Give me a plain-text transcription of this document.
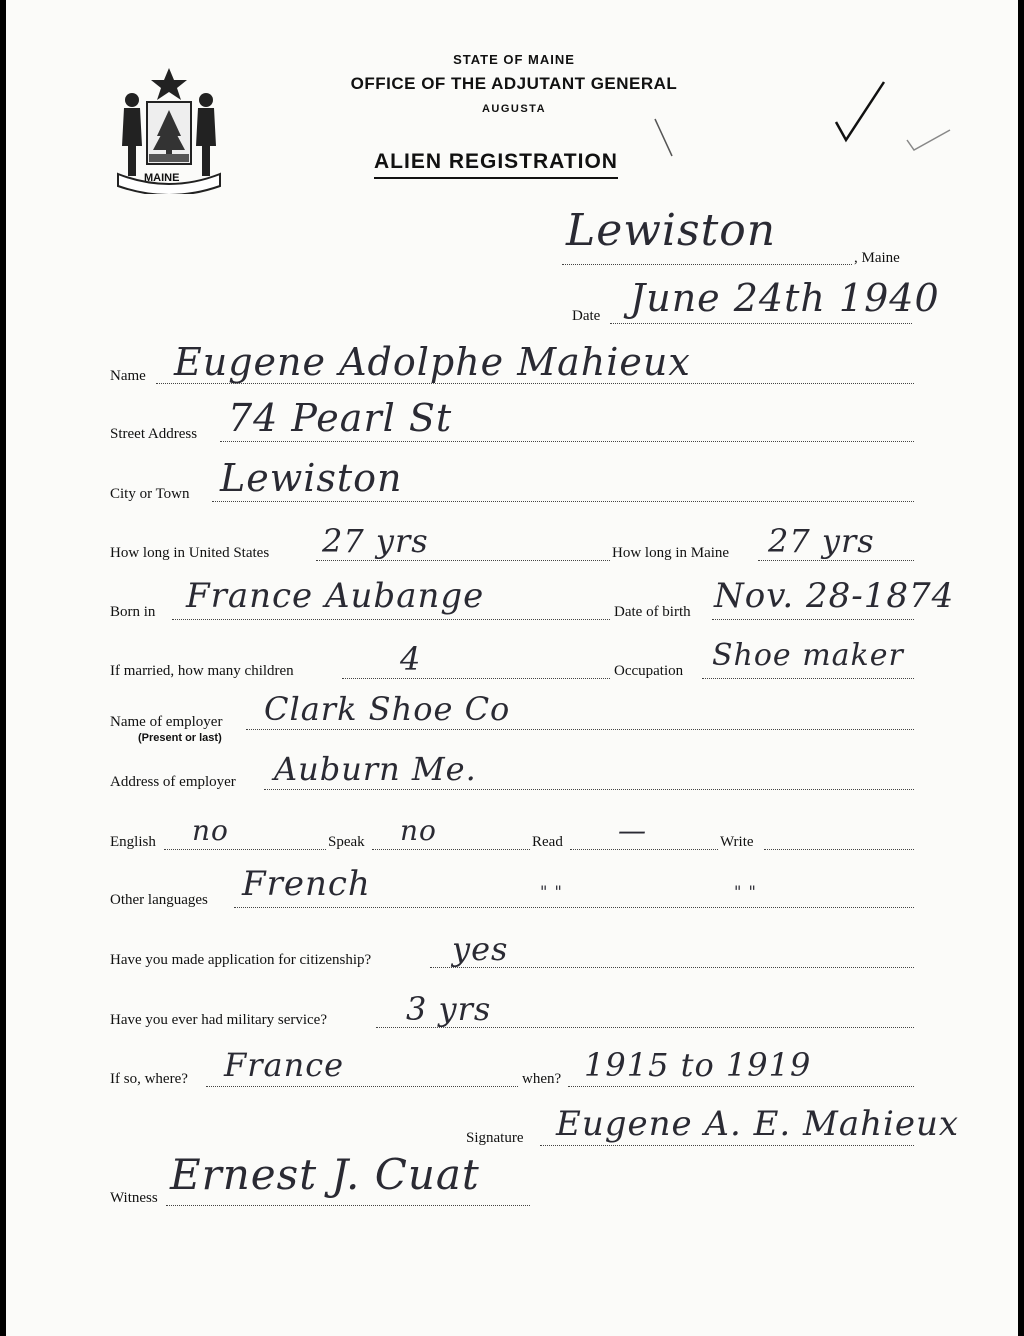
MAINE
STATE OF MAINE
OFFICE OF THE ADJUTANT GENERAL
AUGUSTA
ALIEN REGISTRATION
Lewiston
, Maine
Date June 24th 1940
Name Eugene Adolphe Mahieux
Street Address 74 Pearl St
City or Town Lewiston
How long in United States 27 yrs	How long in Maine 27 yrs
Born in France Aubange	Date of birth Nov. 28-1874
If married, how many children	4	Occupation Shoe maker
Name of employer
(Present or last)
Clark Shoe Co
Address of employer Auburn Me.
English no	Speak no	Read —	Write
Other languages French	" "	" "
Have you made application for citizenship?	yes
Have you ever had military service? 3 yrs
If so, where? France	when? 1915 to 1919
Signature Eugene A. E. Mahieux
Witness Ernest J. Cuat
